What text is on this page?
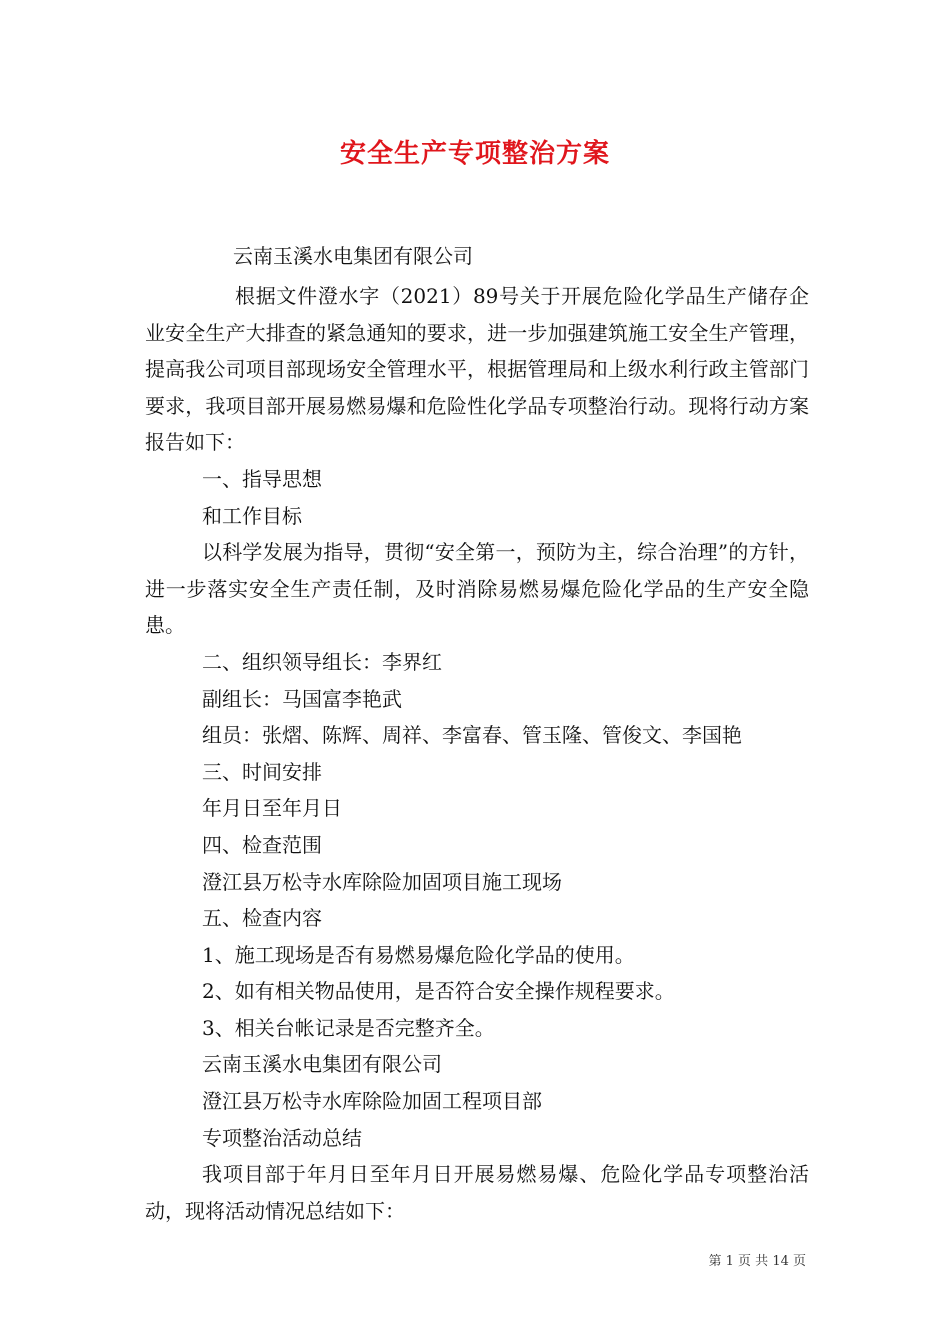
安全生产专项整治方案
云南玉溪水电集团有限公司

根据文件澄水字（2021）89号关于开展危险化学品生产储存企业安全生产大排查的紧急通知的要求，进一步加强建筑施工安全生产管理，提高我公司项目部现场安全管理水平，根据管理局和上级水利行政主管部门要求，我项目部开展易燃易爆和危险性化学品专项整治行动。现将行动方案报告如下：

一、指导思想

和工作目标

以科学发展为指导，贯彻“安全第一，预防为主，综合治理”的方针，进一步落实安全生产责任制，及时消除易燃易爆危险化学品的生产安全隐患。

二、组织领导组长：李界红

副组长：马国富李艳武

组员：张熠、陈辉、周祥、李富春、管玉隆、管俊文、李国艳

三、时间安排

年月日至年月日

四、检查范围

澄江县万松寺水库除险加固项目施工现场

五、检查内容

1、施工现场是否有易燃易爆危险化学品的使用。

2、如有相关物品使用，是否符合安全操作规程要求。

3、相关台帐记录是否完整齐全。

云南玉溪水电集团有限公司

澄江县万松寺水库除险加固工程项目部

专项整治活动总结

我项目部于年月日至年月日开展易燃易爆、危险化学品专项整治活动，现将活动情况总结如下：

第 1 页 共 14 页
